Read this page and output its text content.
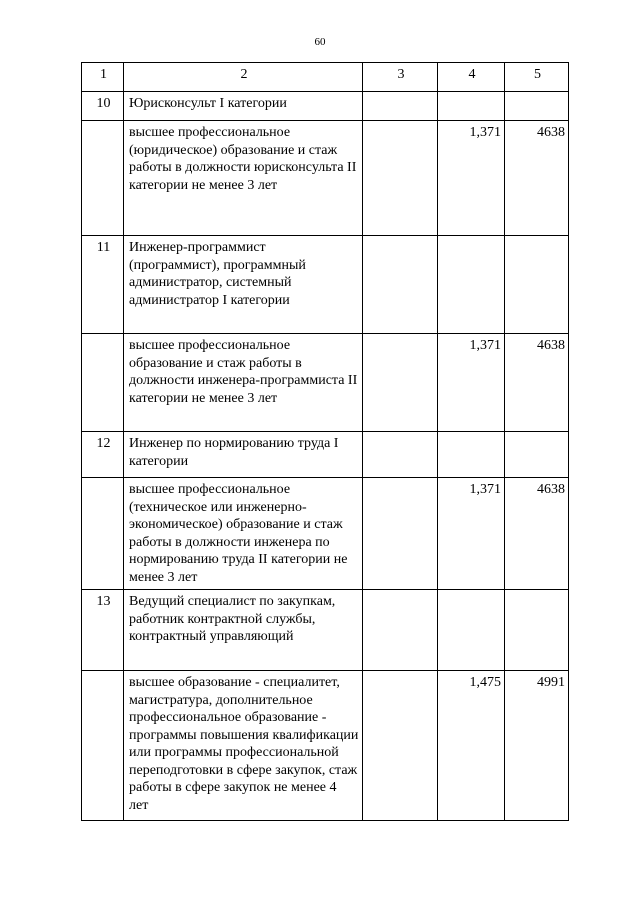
60
1	2	3	4	5
10	Юрисконсульт I категории			
	высшее профессиональное (юридическое) образование и стаж работы в должности юрисконсульта II категории не менее 3 лет		1,371	4638
11	Инженер-программист (программист), программный администратор, системный администратор I категории			
	высшее профессиональное образование и стаж работы в должности инженера-программиста II категории не менее 3 лет		1,371	4638
12	Инженер по нормированию труда I категории			
	высшее профессиональное (техническое или инженерно-экономическое) образование и стаж работы в должности инженера по нормированию труда II категории не менее 3 лет		1,371	4638
13	Ведущий специалист по закупкам, работник контрактной службы, контрактный управляющий			
	высшее образование - специалитет, магистратура, дополнительное профессиональное образование - программы повышения квалификации или программы профессиональной переподготовки в сфере закупок, стаж работы в сфере закупок не менее 4 лет		1,475	4991
